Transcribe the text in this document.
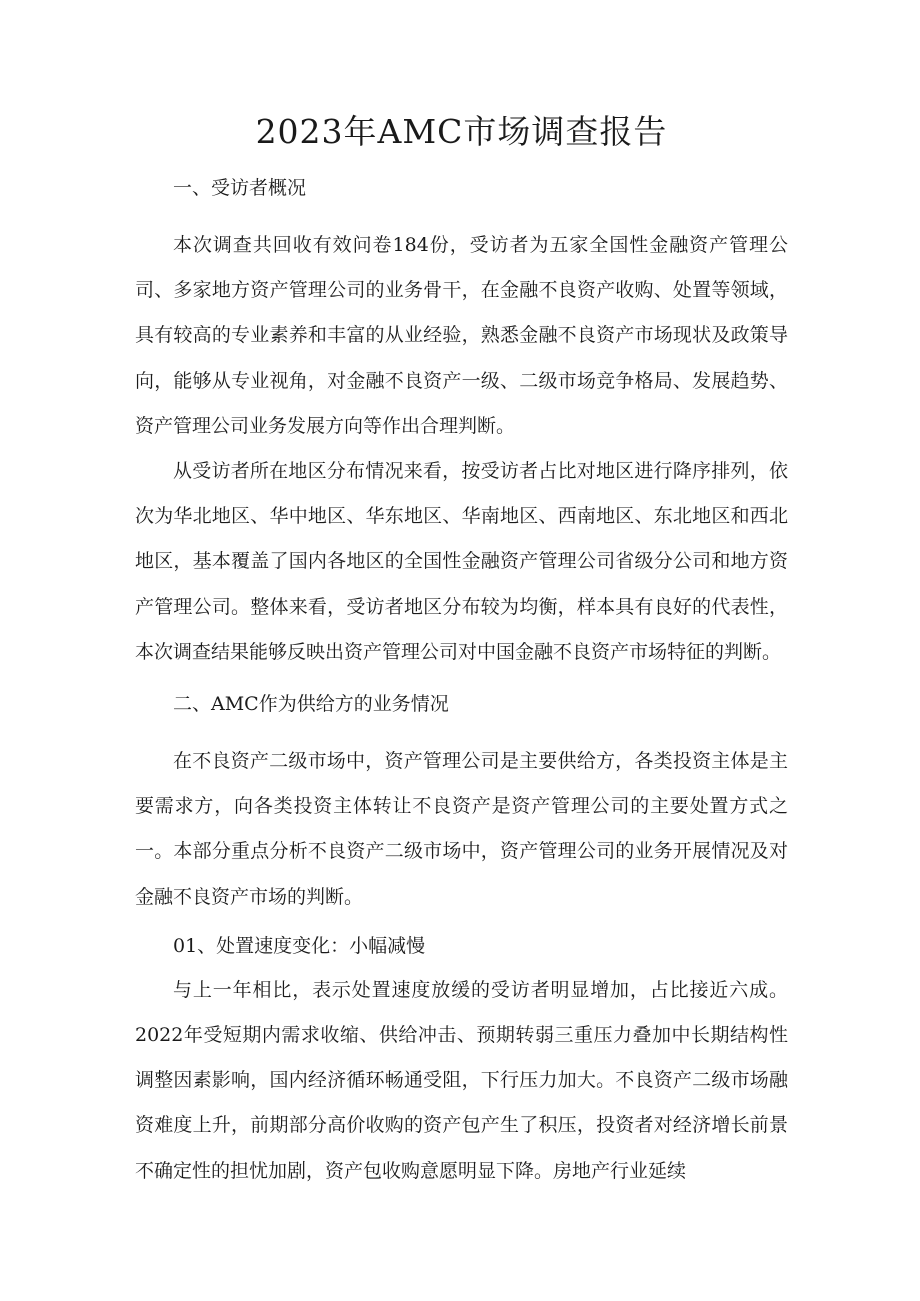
2023年AMC市场调查报告

一、受访者概况

本次调查共回收有效问卷184份，受访者为五家全国性金融资产管理公司、多家地方资产管理公司的业务骨干，在金融不良资产收购、处置等领域，具有较高的专业素养和丰富的从业经验，熟悉金融不良资产市场现状及政策导向，能够从专业视角，对金融不良资产一级、二级市场竞争格局、发展趋势、资产管理公司业务发展方向等作出合理判断。

从受访者所在地区分布情况来看，按受访者占比对地区进行降序排列，依次为华北地区、华中地区、华东地区、华南地区、西南地区、东北地区和西北地区，基本覆盖了国内各地区的全国性金融资产管理公司省级分公司和地方资产管理公司。整体来看，受访者地区分布较为均衡，样本具有良好的代表性，本次调查结果能够反映出资产管理公司对中国金融不良资产市场特征的判断。

二、AMC作为供给方的业务情况

在不良资产二级市场中，资产管理公司是主要供给方，各类投资主体是主要需求方，向各类投资主体转让不良资产是资产管理公司的主要处置方式之一。本部分重点分析不良资产二级市场中，资产管理公司的业务开展情况及对金融不良资产市场的判断。

01、处置速度变化：小幅减慢

与上一年相比，表示处置速度放缓的受访者明显增加，占比接近六成。2022年受短期内需求收缩、供给冲击、预期转弱三重压力叠加中长期结构性调整因素影响，国内经济循环畅通受阻，下行压力加大。不良资产二级市场融资难度上升，前期部分高价收购的资产包产生了积压，投资者对经济增长前景不确定性的担忧加剧，资产包收购意愿明显下降。房地产行业延续
